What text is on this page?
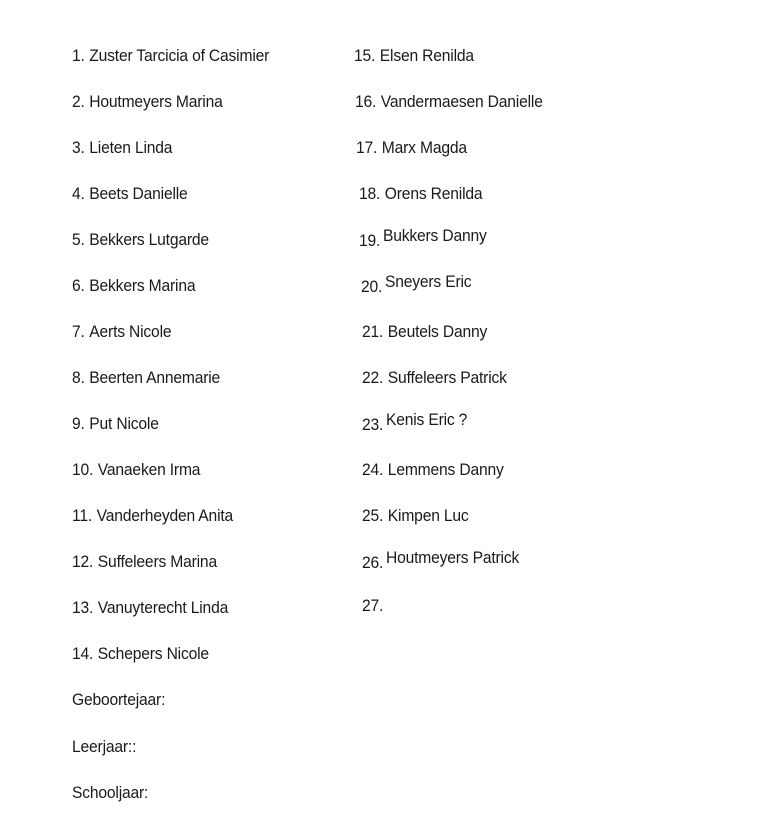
1. Zuster Tarcicia of Casimier
2. Houtmeyers Marina
3. Lieten Linda
4. Beets Danielle
5. Bekkers Lutgarde
6. Bekkers Marina
7. Aerts Nicole
8. Beerten Annemarie
9. Put Nicole
10. Vanaeken Irma
11. Vanderheyden Anita
12. Suffeleers Marina
13. Vanuyterecht Linda
14. Schepers Nicole
15. Elsen Renilda
16. Vandermaesen Danielle
17. Marx Magda
18. Orens Renilda
19. Bukkers Danny
20. Sneyers Eric
21. Beutels Danny
22. Suffeleers Patrick
23. Kenis Eric ?
24. Lemmens Danny
25. Kimpen Luc
26. Houtmeyers Patrick
27.
Geboortejaar:
Leerjaar::
Schooljaar:
